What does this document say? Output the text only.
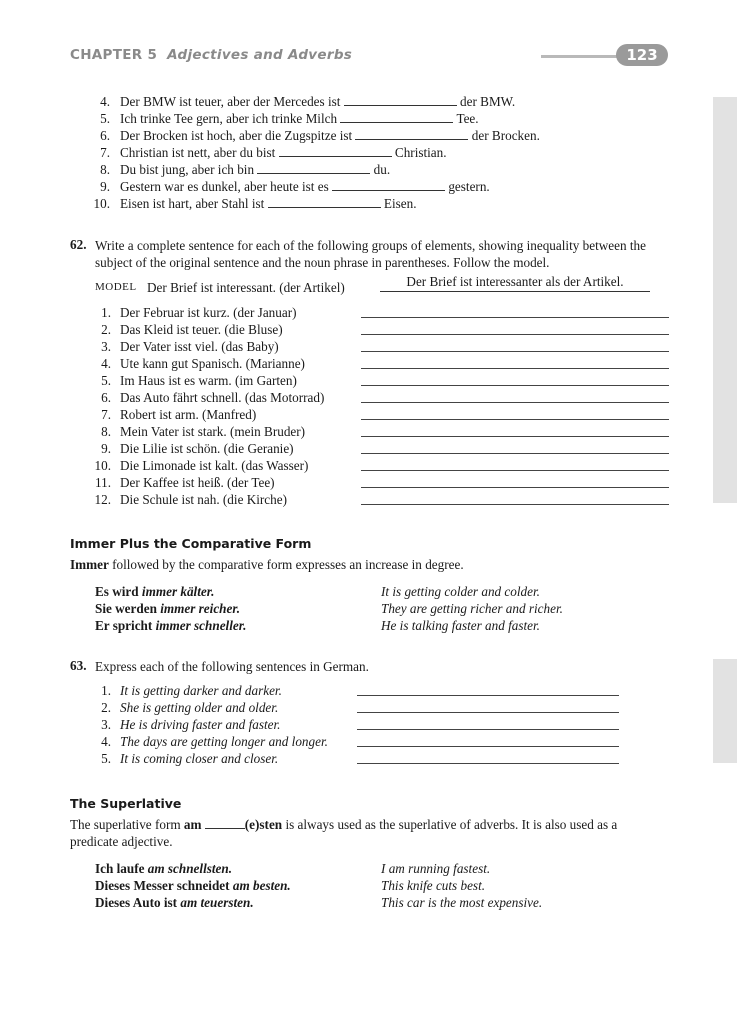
CHAPTER 5 Adjectives and Adverbs	123
4. Der BMW ist teuer, aber der Mercedes ist	der BMW.
5. Ich trinke Tee gern, aber ich trinke Milch	Tee.
6. Der Brocken ist hoch, aber die Zugspitze ist	der Brocken.
7. Christian ist nett, aber du bist	Christian.
8. Du bist jung, aber ich bin	du.
9. Gestern war es dunkel, aber heute ist es	gestern.
10. Eisen ist hart, aber Stahl ist	Eisen.
62. Write a complete sentence for each of the following groups of elements, showing inequality between the subject of the original sentence and the noun phrase in parentheses. Follow the model.
MODEL Der Brief ist interessant. (der Artikel)	Der Brief ist interessanter als der Artikel.
1. Der Februar ist kurz. (der Januar)
2. Das Kleid ist teuer. (die Bluse)
3. Der Vater isst viel. (das Baby)
4. Ute kann gut Spanisch. (Marianne)
5. Im Haus ist es warm. (im Garten)
6. Das Auto fährt schnell. (das Motorrad)
7. Robert ist arm. (Manfred)
8. Mein Vater ist stark. (mein Bruder)
9. Die Lilie ist schön. (die Geranie)
10. Die Limonade ist kalt. (das Wasser)
11. Der Kaffee ist heiß. (der Tee)
12. Die Schule ist nah. (die Kirche)
Immer Plus the Comparative Form
Immer followed by the comparative form expresses an increase in degree.
Es wird immer kälter.	It is getting colder and colder.
Sie werden immer reicher.	They are getting richer and richer.
Er spricht immer schneller.	He is talking faster and faster.
63. Express each of the following sentences in German.
1. It is getting darker and darker.
2. She is getting older and older.
3. He is driving faster and faster.
4. The days are getting longer and longer.
5. It is coming closer and closer.
The Superlative
The superlative form am	(e)sten is always used as the superlative of adverbs. It is also used as a
predicate adjective.
Ich laufe am schnellsten.	I am running fastest.
Dieses Messer schneidet am besten.	This knife cuts best.
Dieses Auto ist am teuersten.	This car is the most expensive.
